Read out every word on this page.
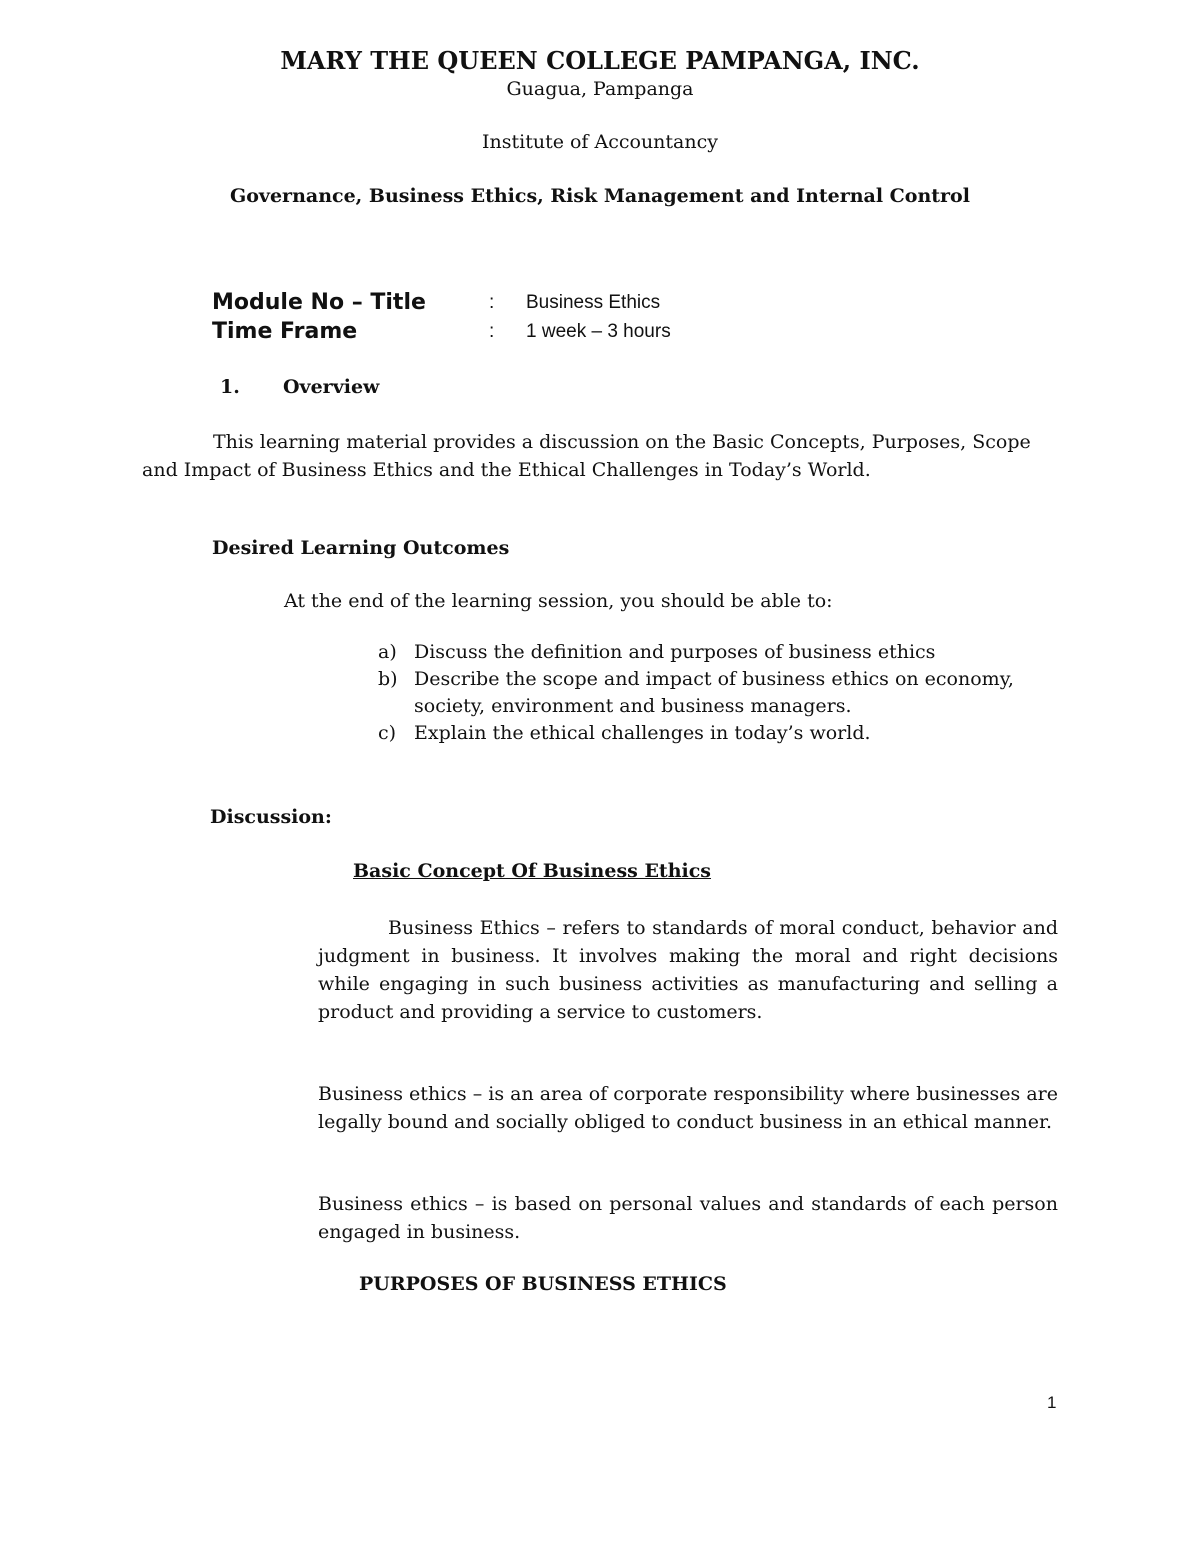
MARY THE QUEEN COLLEGE PAMPANGA, INC.
Guagua, Pampanga
Institute of Accountancy
Governance, Business Ethics, Risk Management and Internal Control
Module No – Title	: Business Ethics
Time Frame	: 1 week – 3 hours
1. Overview
This learning material provides a discussion on the Basic Concepts, Purposes, Scope
and Impact of Business Ethics and the Ethical Challenges in Today’s World.
Desired Learning Outcomes
At the end of the learning session, you should be able to:
a) Discuss the definition and purposes of business ethics
b) Describe the scope and impact of business ethics on economy,
society, environment and business managers.
c) Explain the ethical challenges in today’s world.
Discussion:
Basic Concept Of Business Ethics
Business Ethics – refers to standards of moral conduct, behavior and judgment in business. It involves making the moral and right decisions while engaging in such business activities as manufacturing and selling a product and providing a service to customers.
Business ethics – is an area of corporate responsibility where businesses are legally bound and socially obliged to conduct business in an ethical manner.
Business ethics – is based on personal values and standards of each person engaged in business.
PURPOSES OF BUSINESS ETHICS
1
